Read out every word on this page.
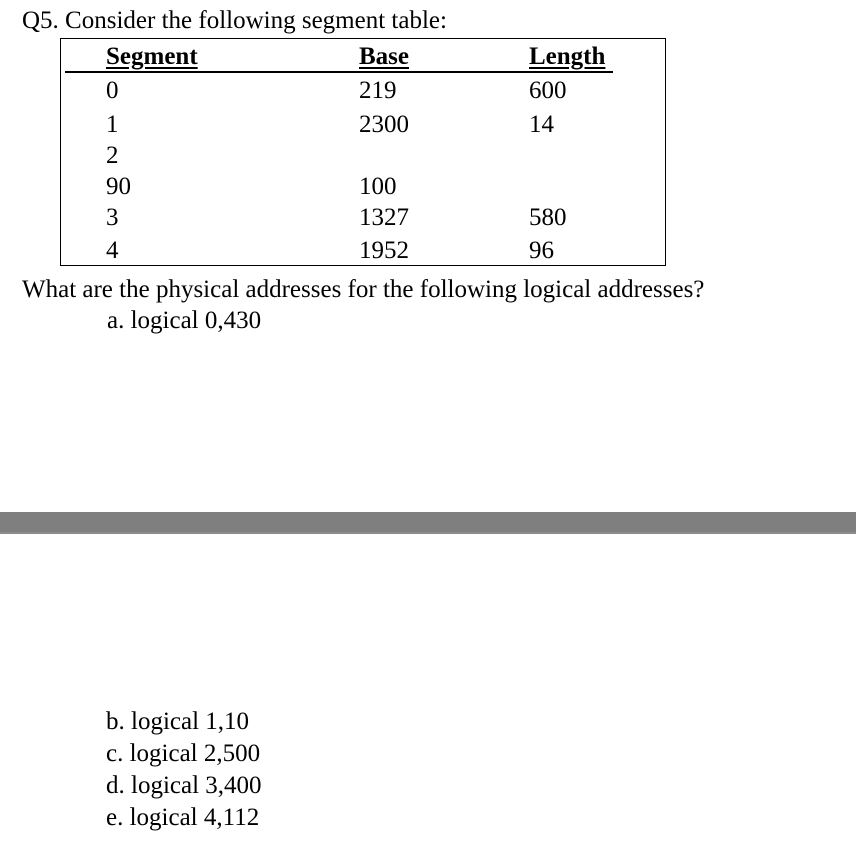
Q5. Consider the following segment table:
Segment	Base	Length
0	219	600
1	2300	14
2
90	100
3	1327	580
4	1952	96
What are the physical addresses for the following logical addresses?
a. logical 0,430
b. logical 1,10
c. logical 2,500
d. logical 3,400
e. logical 4,112
